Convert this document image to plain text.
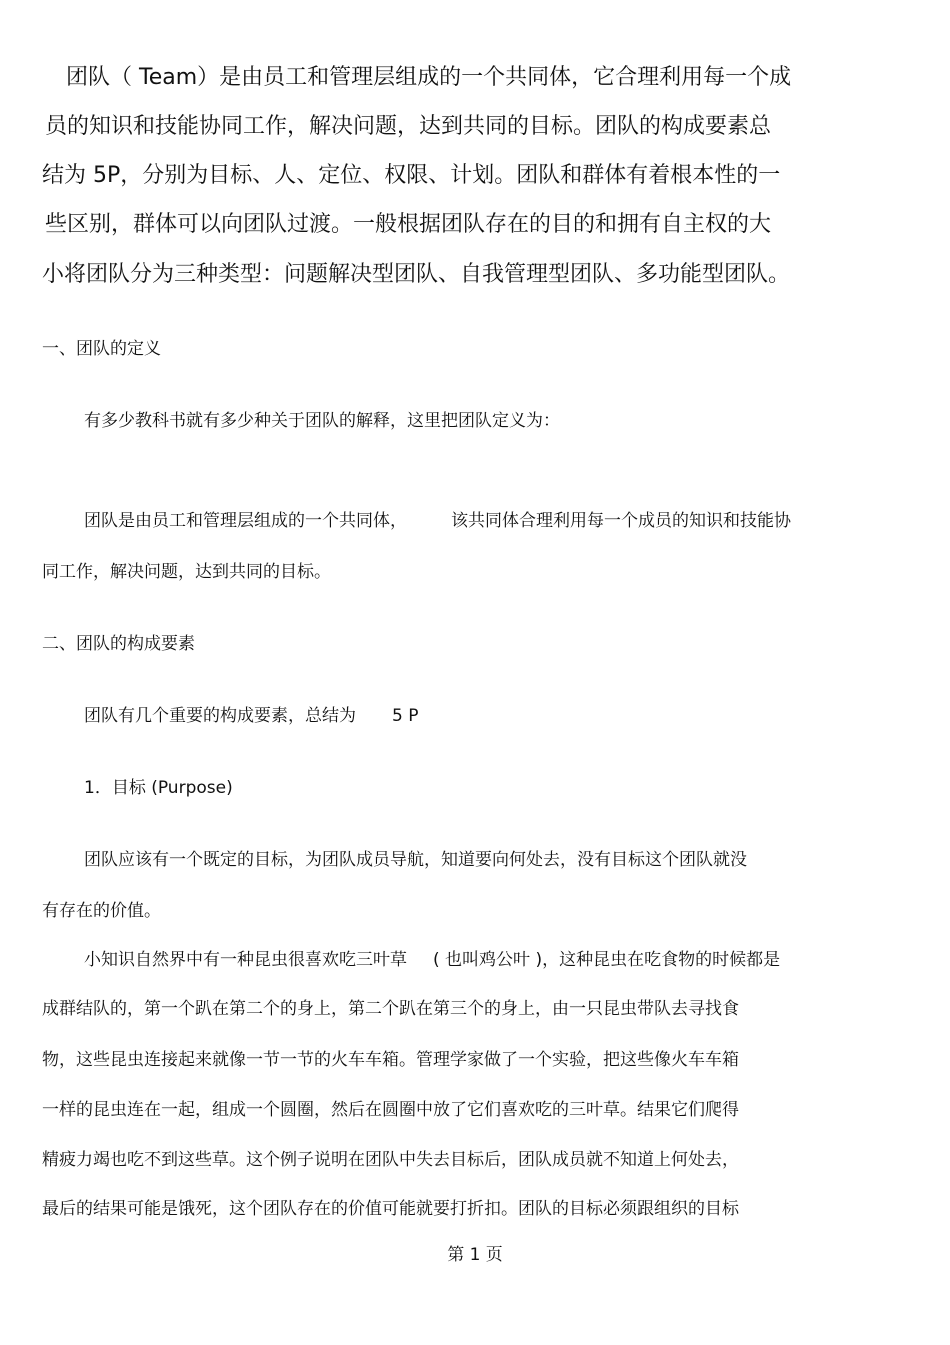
团队（ Team）是由员工和管理层组成的一个共同体，它合理利用每一个成
员的知识和技能协同工作，解决问题，达到共同的目标。团队的构成要素总
结为 5P，分别为目标、人、定位、权限、计划。团队和群体有着根本性的一
些区别，群体可以向团队过渡。一般根据团队存在的目的和拥有自主权的大
小将团队分为三种类型：问题解决型团队、自我管理型团队、多功能型团队。
一、团队的定义
有多少教科书就有多少种关于团队的解释，这里把团队定义为：
团队是由员工和管理层组成的一个共同体，	该共同体合理利用每一个成员的知识和技能协
同工作，解决问题，达到共同的目标。
二、团队的构成要素
团队有几个重要的构成要素，总结为 5 P
1．目标 (Purpose)
团队应该有一个既定的目标，为团队成员导航，知道要向何处去，没有目标这个团队就没
有存在的价值。
小知识自然界中有一种昆虫很喜欢吃三叶草 ( 也叫鸡公叶 )，这种昆虫在吃食物的时候都是
成群结队的，第一个趴在第二个的身上，第二个趴在第三个的身上，由一只昆虫带队去寻找食
物，这些昆虫连接起来就像一节一节的火车车箱。管理学家做了一个实验，把这些像火车车箱
一样的昆虫连在一起，组成一个圆圈，然后在圆圈中放了它们喜欢吃的三叶草。结果它们爬得
精疲力竭也吃不到这些草。这个例子说明在团队中失去目标后，团队成员就不知道上何处去，
最后的结果可能是饿死，这个团队存在的价值可能就要打折扣。团队的目标必须跟组织的目标
第 1 页
